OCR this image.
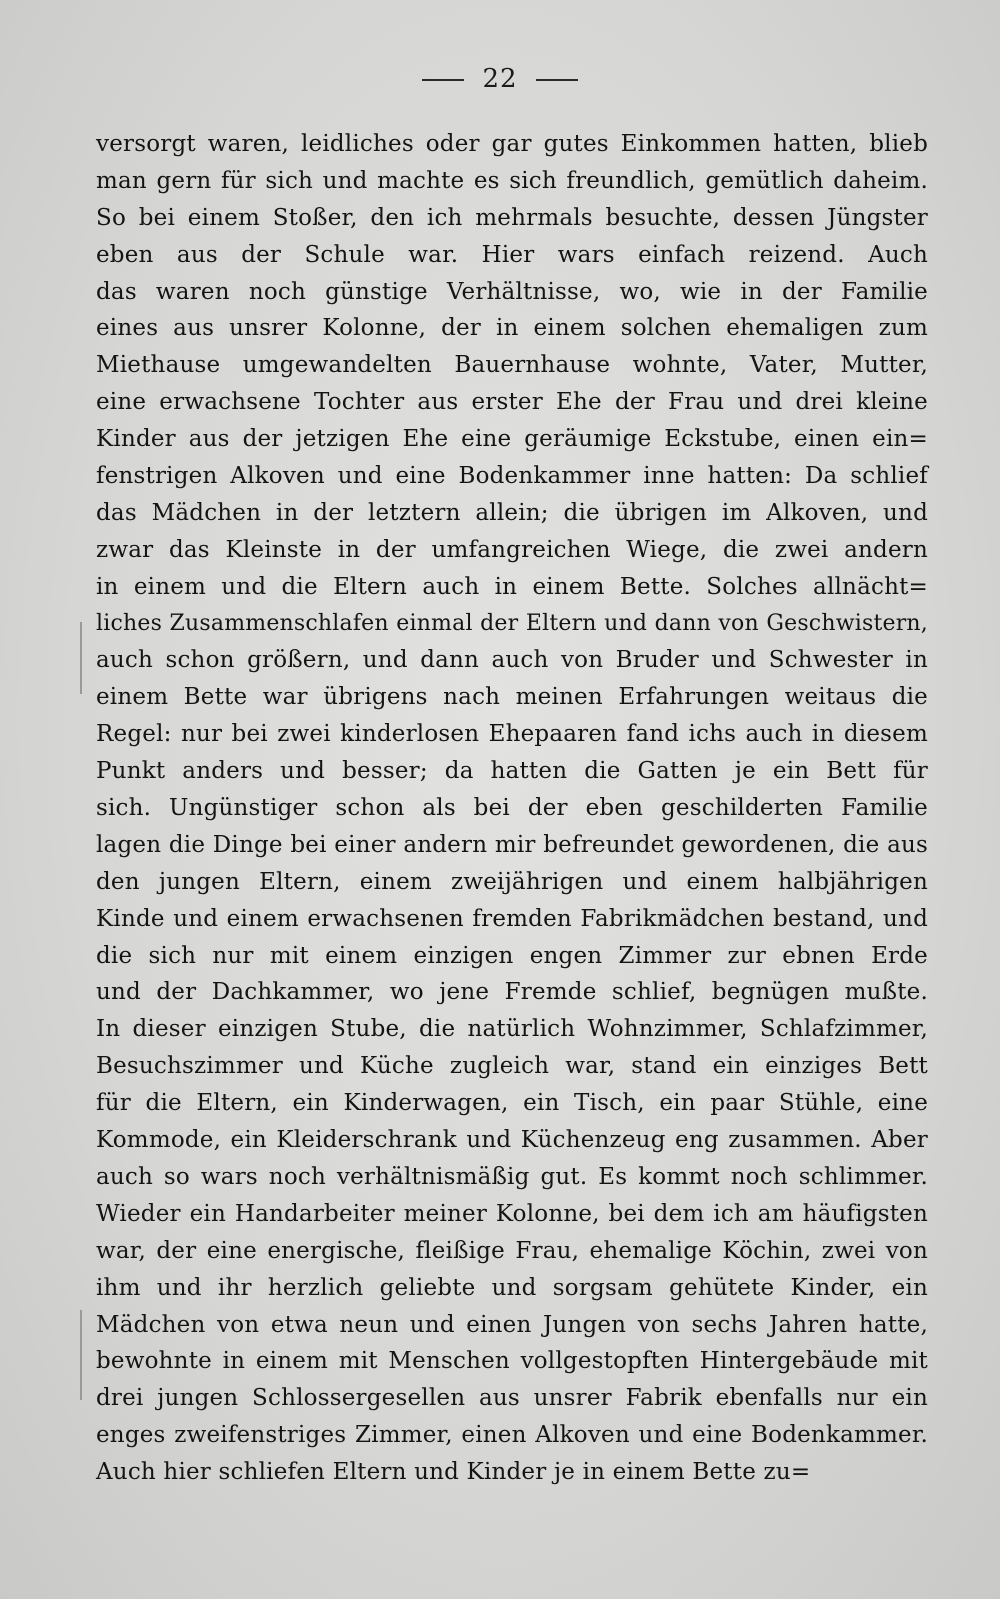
22
versorgt waren, leidliches oder gar gutes Einkommen hatten, blieb
man gern für sich und machte es sich freundlich, gemütlich daheim.
So bei einem Stoßer, den ich mehrmals besuchte, dessen Jüngster
eben aus der Schule war. Hier wars einfach reizend. Auch
das waren noch günstige Verhältnisse, wo, wie in der Familie
eines aus unsrer Kolonne, der in einem solchen ehemaligen zum
Miethause umgewandelten Bauernhause wohnte, Vater, Mutter,
eine erwachsene Tochter aus erster Ehe der Frau und drei kleine
Kinder aus der jetzigen Ehe eine geräumige Eckstube, einen ein=
fenstrigen Alkoven und eine Bodenkammer inne hatten: Da schlief
das Mädchen in der letztern allein; die übrigen im Alkoven, und
zwar das Kleinste in der umfangreichen Wiege, die zwei andern
in einem und die Eltern auch in einem Bette. Solches allnächt=
liches Zusammenschlafen einmal der Eltern und dann von Geschwistern,
auch schon größern, und dann auch von Bruder und Schwester in
einem Bette war übrigens nach meinen Erfahrungen weitaus die
Regel: nur bei zwei kinderlosen Ehepaaren fand ichs auch in diesem
Punkt anders und besser; da hatten die Gatten je ein Bett für
sich. Ungünstiger schon als bei der eben geschilderten Familie
lagen die Dinge bei einer andern mir befreundet gewordenen, die aus
den jungen Eltern, einem zweijährigen und einem halbjährigen
Kinde und einem erwachsenen fremden Fabrikmädchen bestand, und
die sich nur mit einem einzigen engen Zimmer zur ebnen Erde
und der Dachkammer, wo jene Fremde schlief, begnügen mußte.
In dieser einzigen Stube, die natürlich Wohnzimmer, Schlafzimmer,
Besuchszimmer und Küche zugleich war, stand ein einziges Bett
für die Eltern, ein Kinderwagen, ein Tisch, ein paar Stühle, eine
Kommode, ein Kleiderschrank und Küchenzeug eng zusammen. Aber
auch so wars noch verhältnismäßig gut. Es kommt noch schlimmer.
Wieder ein Handarbeiter meiner Kolonne, bei dem ich am häufigsten
war, der eine energische, fleißige Frau, ehemalige Köchin, zwei von
ihm und ihr herzlich geliebte und sorgsam gehütete Kinder, ein
Mädchen von etwa neun und einen Jungen von sechs Jahren hatte,
bewohnte in einem mit Menschen vollgestopften Hintergebäude mit
drei jungen Schlossergesellen aus unsrer Fabrik ebenfalls nur ein
enges zweifenstriges Zimmer, einen Alkoven und eine Bodenkammer.
Auch hier schliefen Eltern und Kinder je in einem Bette zu=
